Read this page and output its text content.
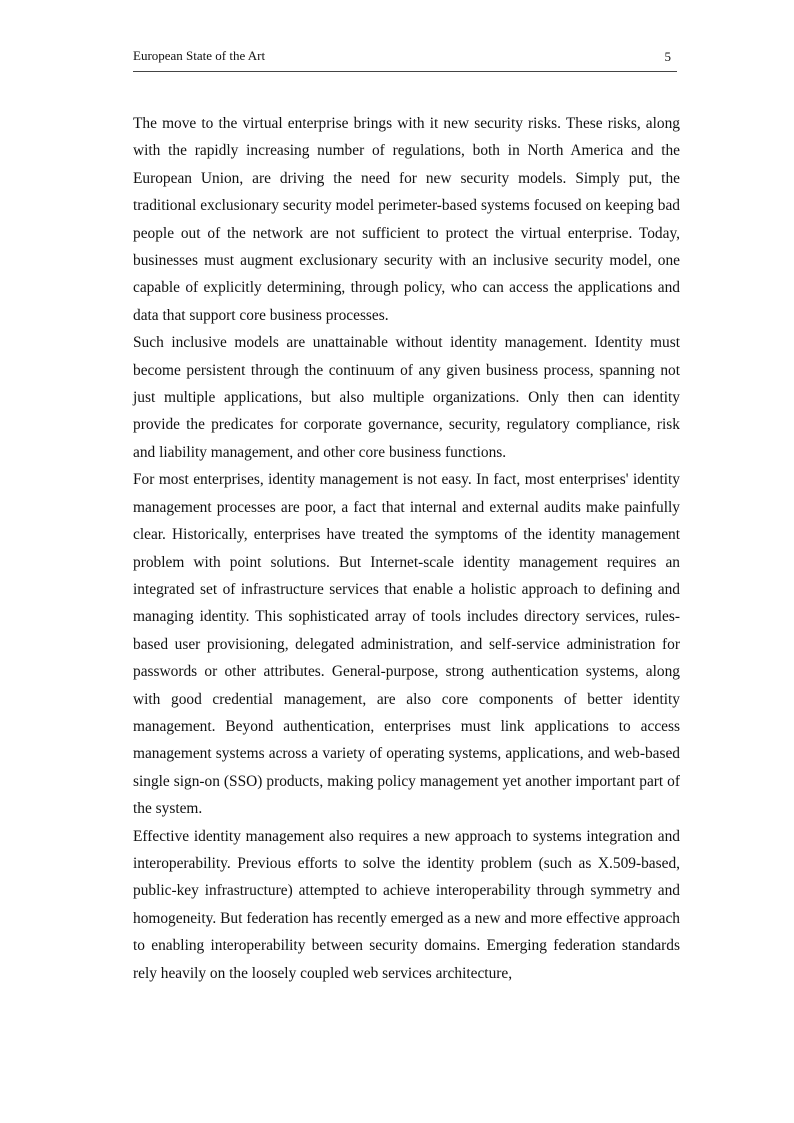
European State of the Art	5

The move to the virtual enterprise brings with it new security risks. These risks, along with the rapidly increasing number of regulations, both in North America and the European Union, are driving the need for new security models. Simply put, the traditional exclusionary security model perimeter-based systems focused on keeping bad people out of the network are not sufficient to protect the virtual enterprise. Today, businesses must augment exclusionary security with an inclusive security model, one capable of explicitly determining, through policy, who can access the applications and data that support core business processes.

Such inclusive models are unattainable without identity management. Identity must become persistent through the continuum of any given business process, spanning not just multiple applications, but also multiple organizations. Only then can identity provide the predicates for corporate governance, security, regulatory compliance, risk and liability management, and other core business functions.

For most enterprises, identity management is not easy. In fact, most enterprises' identity management processes are poor, a fact that internal and external audits make painfully clear. Historically, enterprises have treated the symptoms of the identity management problem with point solutions. But Internet-scale identity management requires an integrated set of infrastructure services that enable a holistic approach to defining and managing identity. This sophisticated array of tools includes directory services, rules-based user provisioning, delegated administration, and self-service administration for passwords or other attributes. General-purpose, strong authentication systems, along with good credential management, are also core components of better identity management. Beyond authentication, enterprises must link applications to access management systems across a variety of operating systems, applications, and web-based single sign-on (SSO) products, making policy management yet another important part of the system.

Effective identity management also requires a new approach to systems integration and interoperability. Previous efforts to solve the identity problem (such as X.509-based, public-key infrastructure) attempted to achieve interoperability through symmetry and homogeneity. But federation has recently emerged as a new and more effective approach to enabling interoperability between security domains. Emerging federation standards rely heavily on the loosely coupled web services architecture,
